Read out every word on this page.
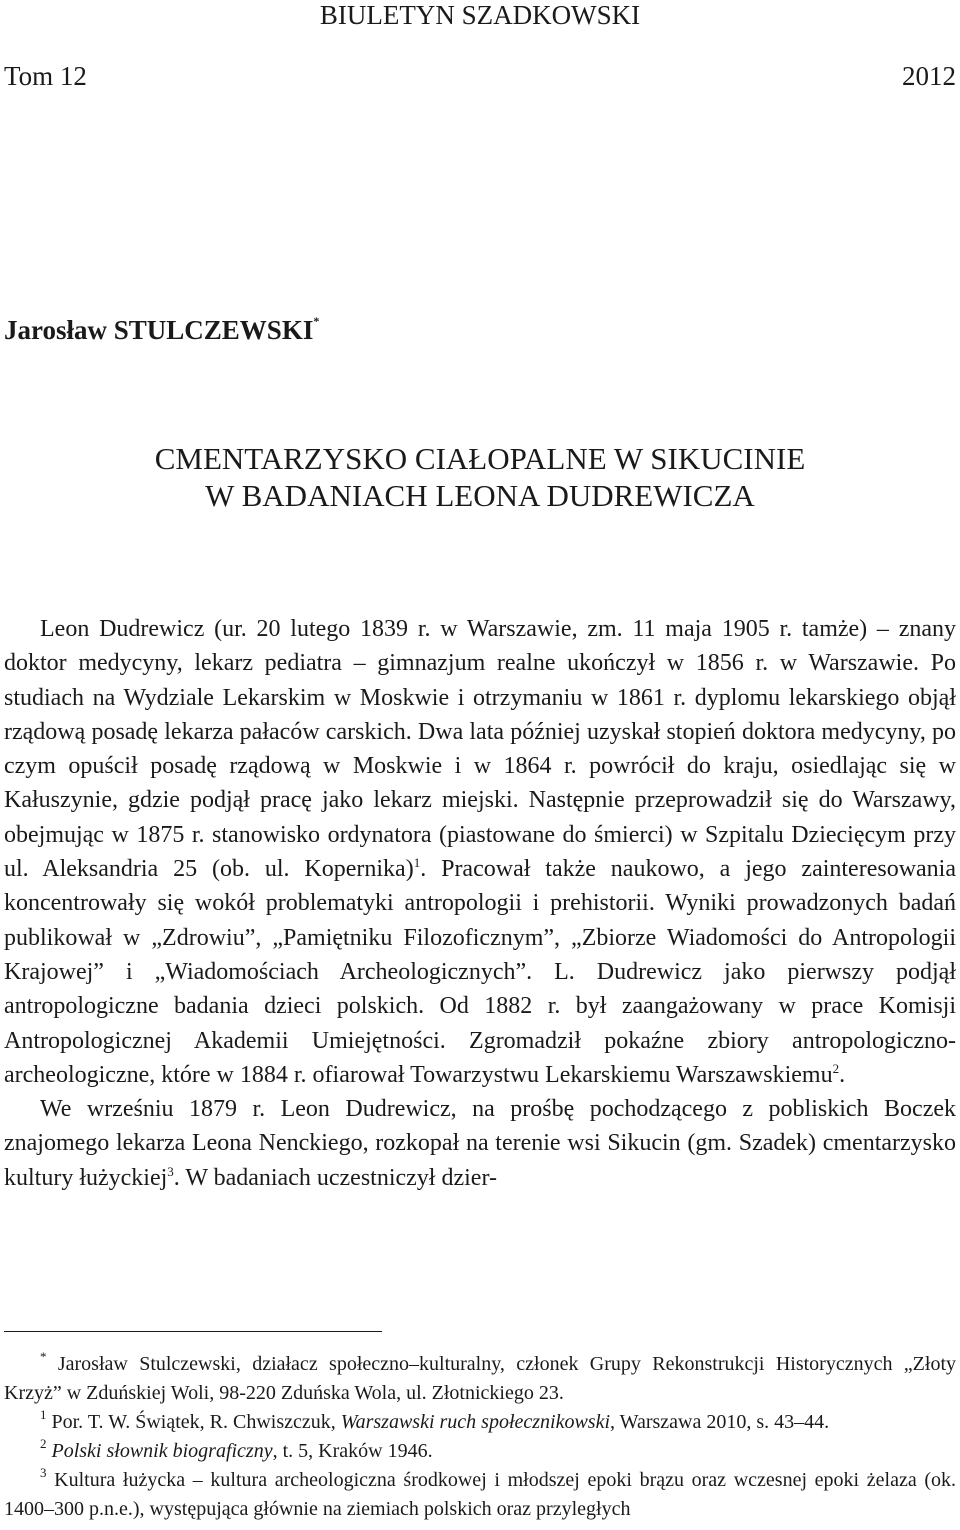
BIULETYN SZADKOWSKI
Tom 12	2012
Jarosław STULCZEWSKI*
CMENTARZYSKO CIAŁOPALNE W SIKUCINIE
W BADANIACH LEONA DUDREWICZA

Leon Dudrewicz (ur. 20 lutego 1839 r. w Warszawie, zm. 11 maja 1905 r. tamże) – znany doktor medycyny, lekarz pediatra – gimnazjum realne ukończył w 1856 r. w Warszawie. Po studiach na Wydziale Lekarskim w Moskwie i otrzymaniu w 1861 r. dyplomu lekarskiego objął rządową posadę lekarza pałaców carskich. Dwa lata później uzyskał stopień doktora medycyny, po czym opuścił posadę rządową w Moskwie i w 1864 r. powrócił do kraju, osiedlając się w Kałuszynie, gdzie podjął pracę jako lekarz miejski. Następnie przeprowadził się do Warszawy, obejmując w 1875 r. stanowisko ordynatora (piastowane do śmierci) w Szpitalu Dziecięcym przy ul. Aleksandria 25 (ob. ul. Kopernika)$^1$. Pracował także naukowo, a jego zainteresowania koncentrowały się wokół problematyki antropologii i prehistorii. Wyniki prowadzonych badań publikował w „Zdrowiu”, „Pamiętniku Filozoficznym”, „Zbiorze Wiadomości do Antropologii Krajowej” i „Wiadomościach Archeologicznych”. L. Dudrewicz jako pierwszy podjął antropologiczne badania dzieci polskich. Od 1882 r. był zaangażowany w prace Komisji Antropologicznej Akademii Umiejętności. Zgromadził pokaźne zbiory antropologiczno-archeologiczne, które w 1884 r. ofiarował Towarzystwu Lekarskiemu Warszawskiemu$^2$.

We wrześniu 1879 r. Leon Dudrewicz, na prośbę pochodzącego z pobliskich Boczek znajomego lekarza Leona Nenckiego, rozkopał na terenie wsi Sikucin (gm. Szadek) cmentarzysko kultury łużyckiej$^3$. W badaniach uczestniczył dzier-

* Jarosław Stulczewski, działacz społeczno–kulturalny, członek Grupy Rekonstrukcji Historycznych „Złoty Krzyż” w Zduńskiej Woli, 98-220 Zduńska Wola, ul. Złotnickiego 23.

$^1$ Por. T. W. Świątek, R. Chwiszczuk, Warszawski ruch społecznikowski, Warszawa 2010, s. 43–44.

$^2$ Polski słownik biograficzny, t. 5, Kraków 1946.

$^3$ Kultura łużycka – kultura archeologiczna środkowej i młodszej epoki brązu oraz wczesnej epoki żelaza (ok. 1400–300 p.n.e.), występująca głównie na ziemiach polskich oraz przyległych
